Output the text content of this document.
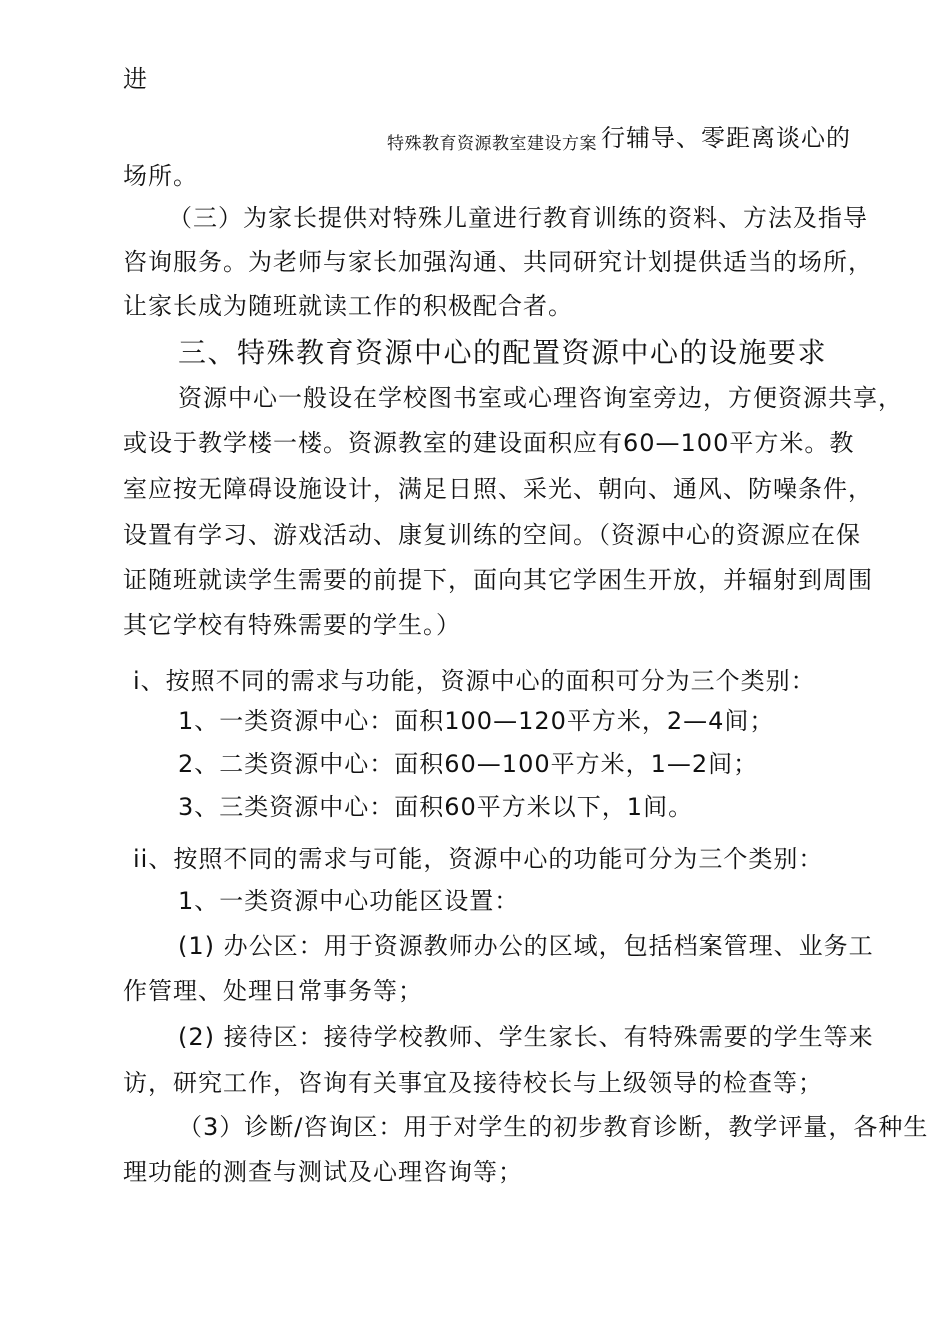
进
特殊教育资源教室建设方案 行辅导、零距离谈心的
场所。
（三）为家长提供对特殊儿童进行教育训练的资料、方法及指导
咨询服务。为老师与家长加强沟通、共同研究计划提供适当的场所，
让家长成为随班就读工作的积极配合者。
三、特殊教育资源中心的配置资源中心的设施要求
资源中心一般设在学校图书室或心理咨询室旁边，方便资源共享，
或设于教学楼一楼。资源教室的建设面积应有60—100平方米。教
室应按无障碍设施设计，满足日照、采光、朝向、通风、防噪条件，
设置有学习、游戏活动、康复训练的空间。（资源中心的资源应在保
证随班就读学生需要的前提下，面向其它学困生开放，并辐射到周围
其它学校有特殊需要的学生。）
i、按照不同的需求与功能，资源中心的面积可分为三个类别：
1、一类资源中心：面积100—120平方米，2—4间；
2、二类资源中心：面积60—100平方米，1—2间；
3、三类资源中心：面积60平方米以下，1间。
ii、按照不同的需求与可能，资源中心的功能可分为三个类别：
1、一类资源中心功能区设置：
(1) 办公区：用于资源教师办公的区域，包括档案管理、业务工
作管理、处理日常事务等；
(2) 接待区：接待学校教师、学生家长、有特殊需要的学生等来
访，研究工作，咨询有关事宜及接待校长与上级领导的检查等；
（3）诊断/咨询区：用于对学生的初步教育诊断，教学评量，各种生
理功能的测查与测试及心理咨询等；
